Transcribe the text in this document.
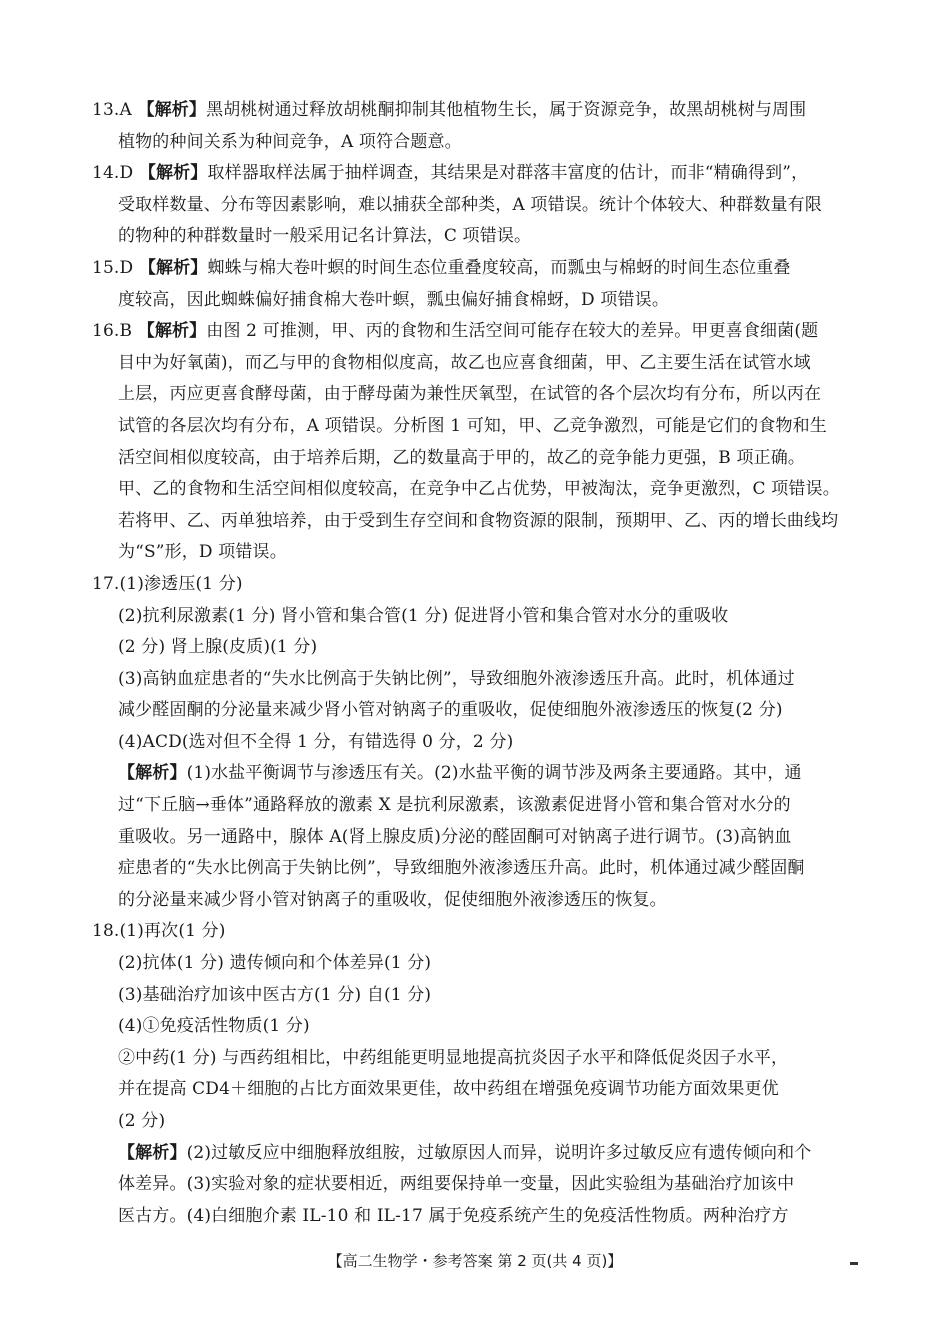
13.A 【解析】黑胡桃树通过释放胡桃酮抑制其他植物生长，属于资源竞争，故黑胡桃树与周围
植物的种间关系为种间竞争，A 项符合题意。
14.D 【解析】取样器取样法属于抽样调查，其结果是对群落丰富度的估计，而非“精确得到”，
受取样数量、分布等因素影响，难以捕获全部种类，A 项错误。统计个体较大、种群数量有限
的物种的种群数量时一般采用记名计算法，C 项错误。
15.D 【解析】蜘蛛与棉大卷叶螟的时间生态位重叠度较高，而瓢虫与棉蚜的时间生态位重叠
度较高，因此蜘蛛偏好捕食棉大卷叶螟，瓢虫偏好捕食棉蚜，D 项错误。
16.B 【解析】由图 2 可推测，甲、丙的食物和生活空间可能存在较大的差异。甲更喜食细菌(题
目中为好氧菌)，而乙与甲的食物相似度高，故乙也应喜食细菌，甲、乙主要生活在试管水域
上层，丙应更喜食酵母菌，由于酵母菌为兼性厌氧型，在试管的各个层次均有分布，所以丙在
试管的各层次均有分布，A 项错误。分析图 1 可知，甲、乙竞争激烈，可能是它们的食物和生
活空间相似度较高，由于培养后期，乙的数量高于甲的，故乙的竞争能力更强，B 项正确。
甲、乙的食物和生活空间相似度较高，在竞争中乙占优势，甲被淘汰，竞争更激烈，C 项错误。
若将甲、乙、丙单独培养，由于受到生存空间和食物资源的限制，预期甲、乙、丙的增长曲线均
为“S”形，D 项错误。
17.(1)渗透压(1 分)
(2)抗利尿激素(1 分) 肾小管和集合管(1 分) 促进肾小管和集合管对水分的重吸收
(2 分) 肾上腺(皮质)(1 分)
(3)高钠血症患者的“失水比例高于失钠比例”，导致细胞外液渗透压升高。此时，机体通过
减少醛固酮的分泌量来减少肾小管对钠离子的重吸收，促使细胞外液渗透压的恢复(2 分)
(4)ACD(选对但不全得 1 分，有错选得 0 分，2 分)
【解析】(1)水盐平衡调节与渗透压有关。(2)水盐平衡的调节涉及两条主要通路。其中，通
过“下丘脑→垂体”通路释放的激素 X 是抗利尿激素，该激素促进肾小管和集合管对水分的
重吸收。另一通路中，腺体 A(肾上腺皮质)分泌的醛固酮可对钠离子进行调节。(3)高钠血
症患者的“失水比例高于失钠比例”，导致细胞外液渗透压升高。此时，机体通过减少醛固酮
的分泌量来减少肾小管对钠离子的重吸收，促使细胞外液渗透压的恢复。
18.(1)再次(1 分)
(2)抗体(1 分) 遗传倾向和个体差异(1 分)
(3)基础治疗加该中医古方(1 分) 自(1 分)
(4)①免疫活性物质(1 分)
②中药(1 分) 与西药组相比，中药组能更明显地提高抗炎因子水平和降低促炎因子水平，
并在提高 CD4＋细胞的占比方面效果更佳，故中药组在增强免疫调节功能方面效果更优
(2 分)
【解析】(2)过敏反应中细胞释放组胺，过敏原因人而异，说明许多过敏反应有遗传倾向和个
体差异。(3)实验对象的症状要相近，两组要保持单一变量，因此实验组为基础治疗加该中
医古方。(4)白细胞介素 IL-10 和 IL-17 属于免疫系统产生的免疫活性物质。两种治疗方
【高二生物学・参考答案 第 2 页(共 4 页)】
